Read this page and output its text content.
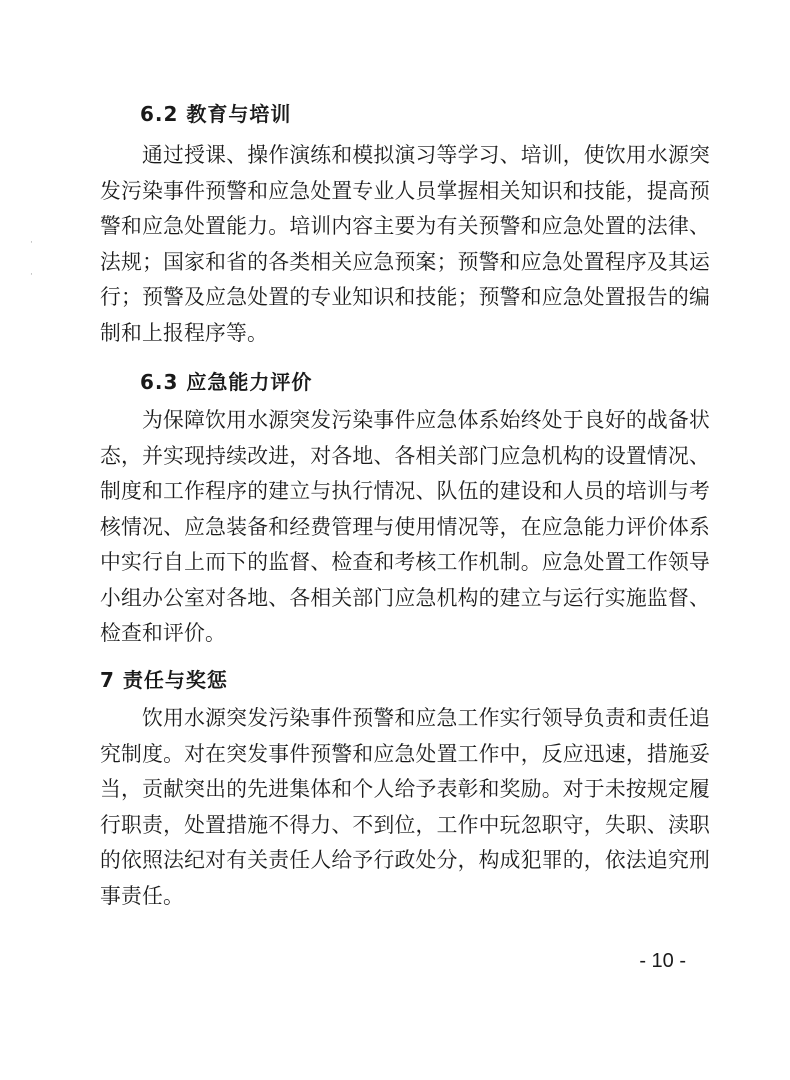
6.2 教育与培训

通过授课、操作演练和模拟演习等学习、培训，使饮用水源突发污染事件预警和应急处置专业人员掌握相关知识和技能，提高预警和应急处置能力。培训内容主要为有关预警和应急处置的法律、法规；国家和省的各类相关应急预案；预警和应急处置程序及其运行；预警及应急处置的专业知识和技能；预警和应急处置报告的编制和上报程序等。

6.3 应急能力评价

为保障饮用水源突发污染事件应急体系始终处于良好的战备状态，并实现持续改进，对各地、各相关部门应急机构的设置情况、制度和工作程序的建立与执行情况、队伍的建设和人员的培训与考核情况、应急装备和经费管理与使用情况等，在应急能力评价体系中实行自上而下的监督、检查和考核工作机制。应急处置工作领导小组办公室对各地、各相关部门应急机构的建立与运行实施监督、检查和评价。

7 责任与奖惩

饮用水源突发污染事件预警和应急工作实行领导负责和责任追究制度。对在突发事件预警和应急处置工作中，反应迅速，措施妥当，贡献突出的先进集体和个人给予表彰和奖励。对于未按规定履行职责，处置措施不得力、不到位，工作中玩忽职守，失职、渎职的依照法纪对有关责任人给予行政处分，构成犯罪的，依法追究刑事责任。

- 10 -
·
·
